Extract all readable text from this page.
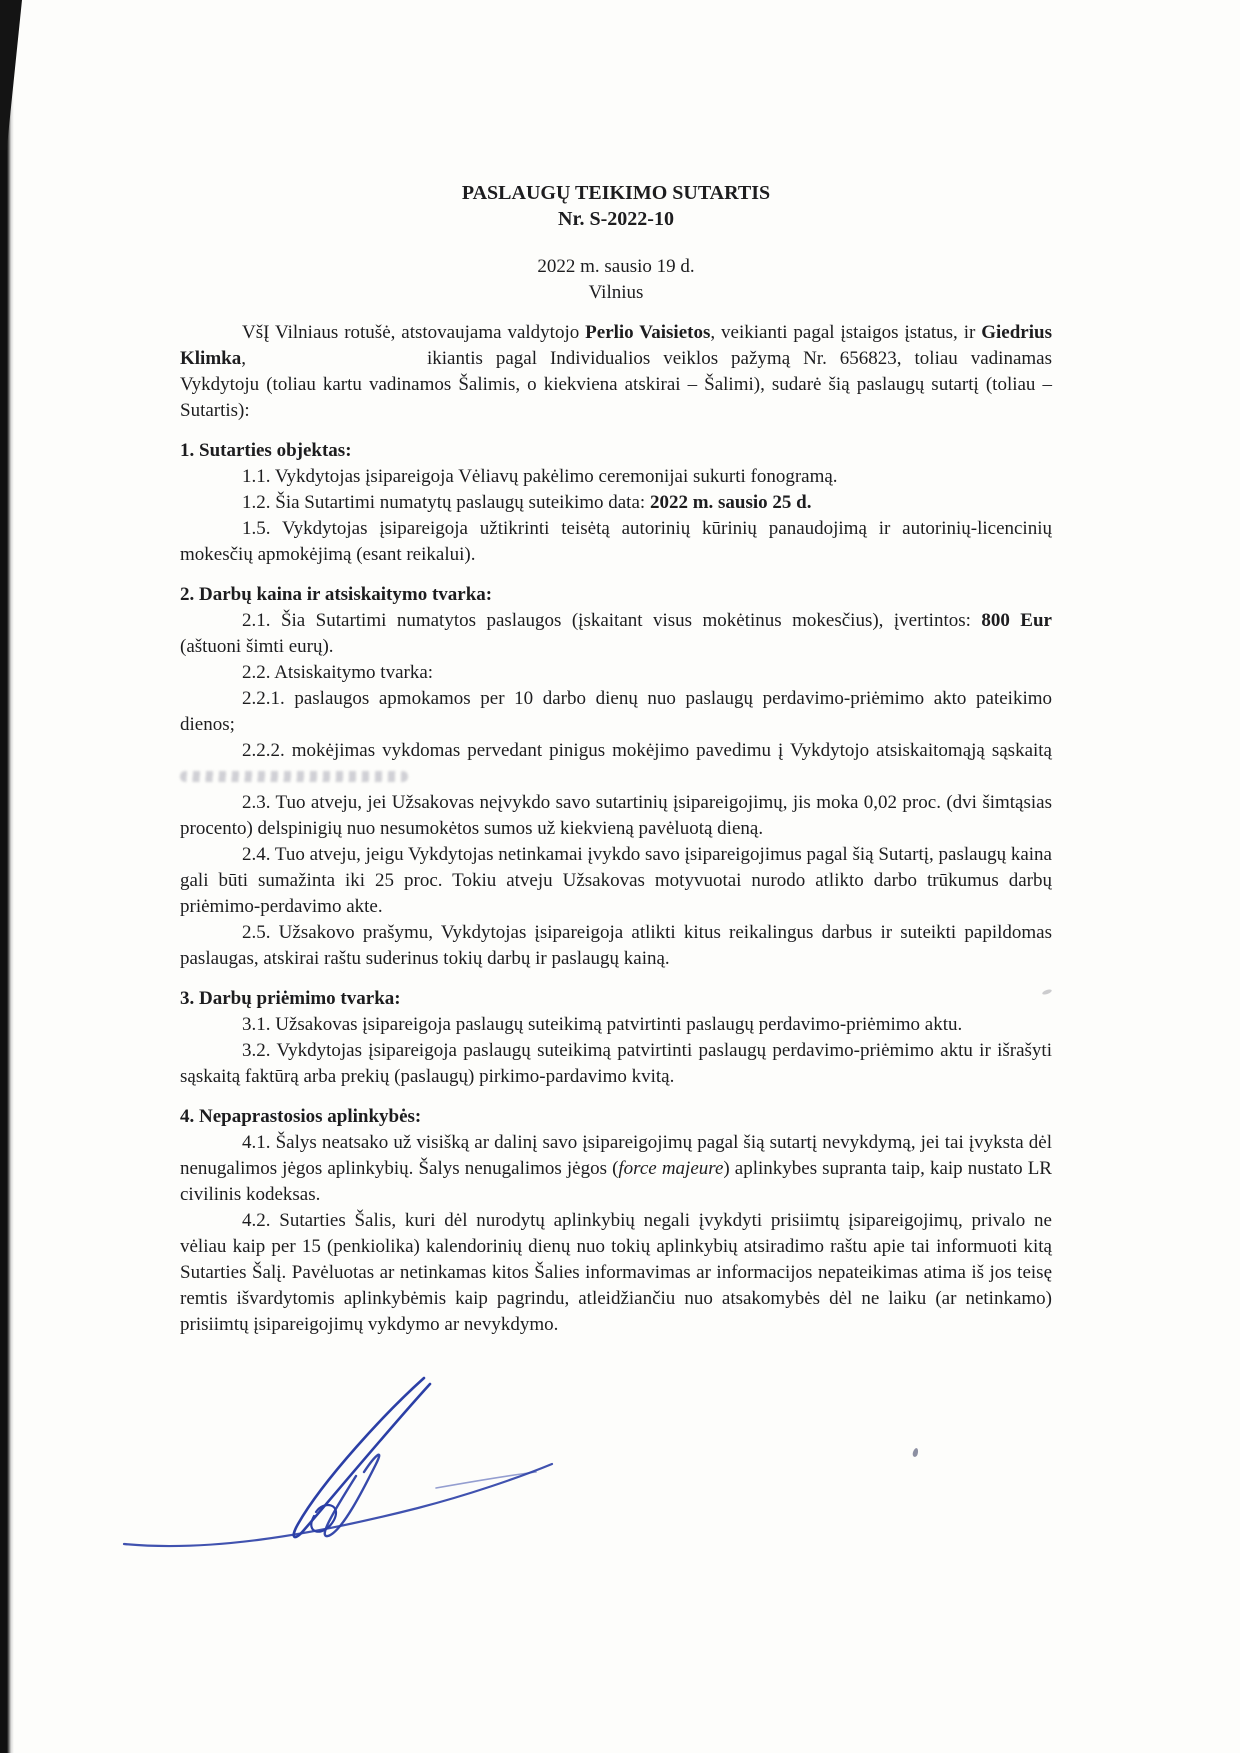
PASLAUGŲ TEIKIMO SUTARTIS
Nr. S-2022-10
2022 m. sausio 19 d.
Vilnius

VšĮ Vilniaus rotušė, atstovaujama valdytojo Perlio Vaisietos, veikianti pagal įstaigos įstatus, ir Giedrius Klimka,	ikiantis pagal Individualios veiklos pažymą Nr. 656823, toliau vadinamas Vykdytoju (toliau kartu vadinamos Šalimis, o kiekviena atskirai – Šalimi), sudarė šią paslaugų sutartį (toliau – Sutartis):

1. Sutarties objektas:

1.1. Vykdytojas įsipareigoja Vėliavų pakėlimo ceremonijai sukurti fonogramą.

1.2. Šia Sutartimi numatytų paslaugų suteikimo data: 2022 m. sausio 25 d.

1.5. Vykdytojas įsipareigoja užtikrinti teisėtą autorinių kūrinių panaudojimą ir autorinių-licencinių mokesčių apmokėjimą (esant reikalui).

2. Darbų kaina ir atsiskaitymo tvarka:

2.1. Šia Sutartimi numatytos paslaugos (įskaitant visus mokėtinus mokesčius), įvertintos: 800 Eur (aštuoni šimti eurų).

2.2. Atsiskaitymo tvarka:

2.2.1. paslaugos apmokamos per 10 darbo dienų nuo paslaugų perdavimo-priėmimo akto pateikimo dienos;

2.2.2. mokėjimas vykdomas pervedant pinigus mokėjimo pavedimu į Vykdytojo atsiskaitomąją sąskaitą

2.3. Tuo atveju, jei Užsakovas neįvykdo savo sutartinių įsipareigojimų, jis moka 0,02 proc. (dvi šimtąsias procento) delspinigių nuo nesumokėtos sumos už kiekvieną pavėluotą dieną.

2.4. Tuo atveju, jeigu Vykdytojas netinkamai įvykdo savo įsipareigojimus pagal šią Sutartį, paslaugų kaina gali būti sumažinta iki 25 proc. Tokiu atveju Užsakovas motyvuotai nurodo atlikto darbo trūkumus darbų priėmimo-perdavimo akte.

2.5. Užsakovo prašymu, Vykdytojas įsipareigoja atlikti kitus reikalingus darbus ir suteikti papildomas paslaugas, atskirai raštu suderinus tokių darbų ir paslaugų kainą.

3. Darbų priėmimo tvarka:

3.1. Užsakovas įsipareigoja paslaugų suteikimą patvirtinti paslaugų perdavimo-priėmimo aktu.

3.2. Vykdytojas įsipareigoja paslaugų suteikimą patvirtinti paslaugų perdavimo-priėmimo aktu ir išrašyti sąskaitą faktūrą arba prekių (paslaugų) pirkimo-pardavimo kvitą.

4. Nepaprastosios aplinkybės:

4.1. Šalys neatsako už visišką ar dalinį savo įsipareigojimų pagal šią sutartį nevykdymą, jei tai įvyksta dėl nenugalimos jėgos aplinkybių. Šalys nenugalimos jėgos (force majeure) aplinkybes supranta taip, kaip nustato LR civilinis kodeksas.

4.2. Sutarties Šalis, kuri dėl nurodytų aplinkybių negali įvykdyti prisiimtų įsipareigojimų, privalo ne vėliau kaip per 15 (penkiolika) kalendorinių dienų nuo tokių aplinkybių atsiradimo raštu apie tai informuoti kitą Sutarties Šalį. Pavėluotas ar netinkamas kitos Šalies informavimas ar informacijos nepateikimas atima iš jos teisę remtis išvardytomis aplinkybėmis kaip pagrindu, atleidžiančiu nuo atsakomybės dėl ne laiku (ar netinkamo) prisiimtų įsipareigojimų vykdymo ar nevykdymo.
